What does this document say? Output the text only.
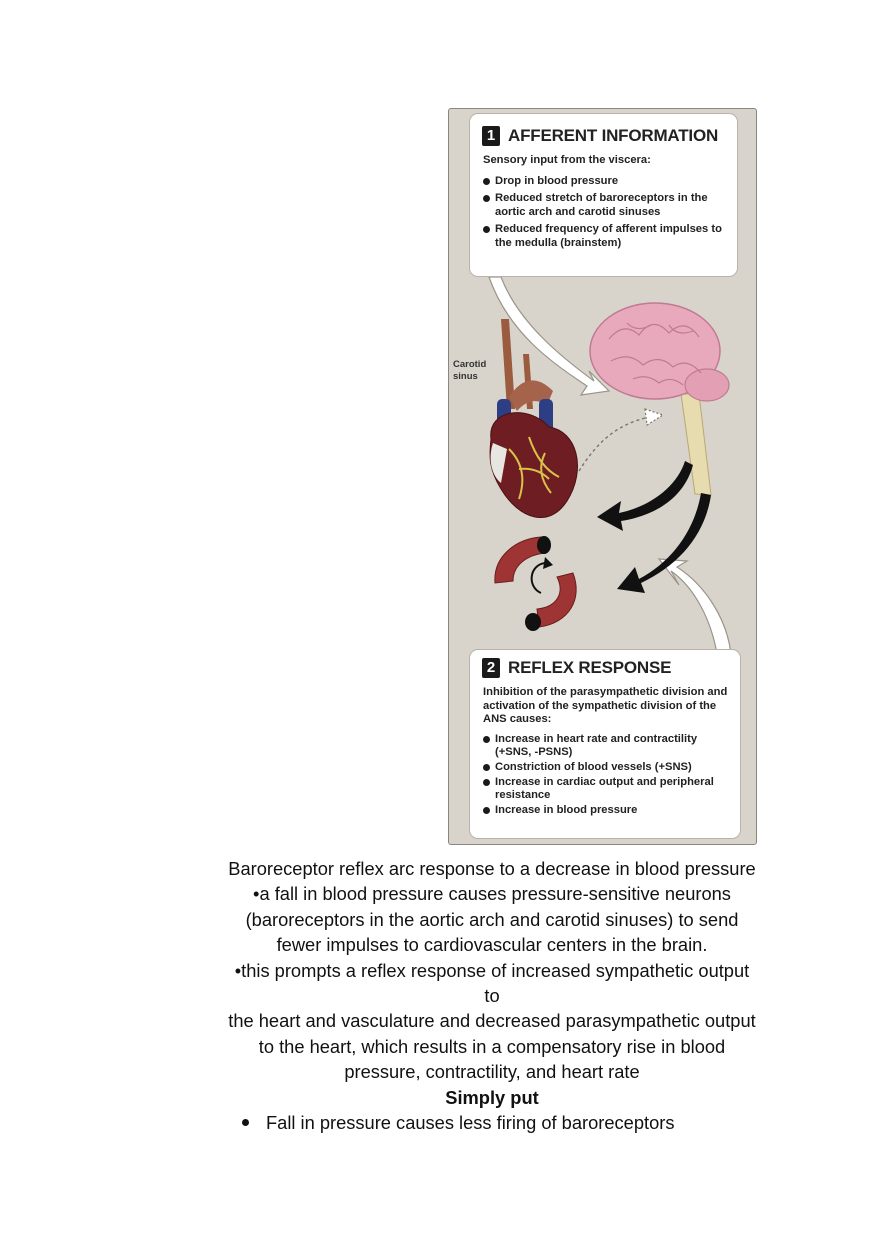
1 AFFERENT INFORMATION
Sensory input from the viscera:
Drop in blood pressure
Reduced stretch of baroreceptors in the aortic arch and carotid sinuses
Reduced frequency of afferent impulses to the medulla (brainstem)
Carotid sinus
2 REFLEX RESPONSE
Inhibition of the parasympathetic division and activation of the sympathetic division of the ANS causes:
Increase in heart rate and contractility (+SNS, -PSNS)
Constriction of blood vessels (+SNS)
Increase in cardiac output and peripheral resistance
Increase in blood pressure

Baroreceptor reflex arc response to a decrease in blood pressure

•a fall in blood pressure causes pressure-sensitive neurons

(baroreceptors in the aortic arch and carotid sinuses) to send

fewer impulses to cardiovascular centers in the brain.

•this prompts a reflex response of increased sympathetic output

to

the heart and vasculature and decreased parasympathetic output

to the heart, which results in a compensatory rise in blood

pressure, contractility, and heart rate

Simply put

Fall in pressure causes less firing of baroreceptors
